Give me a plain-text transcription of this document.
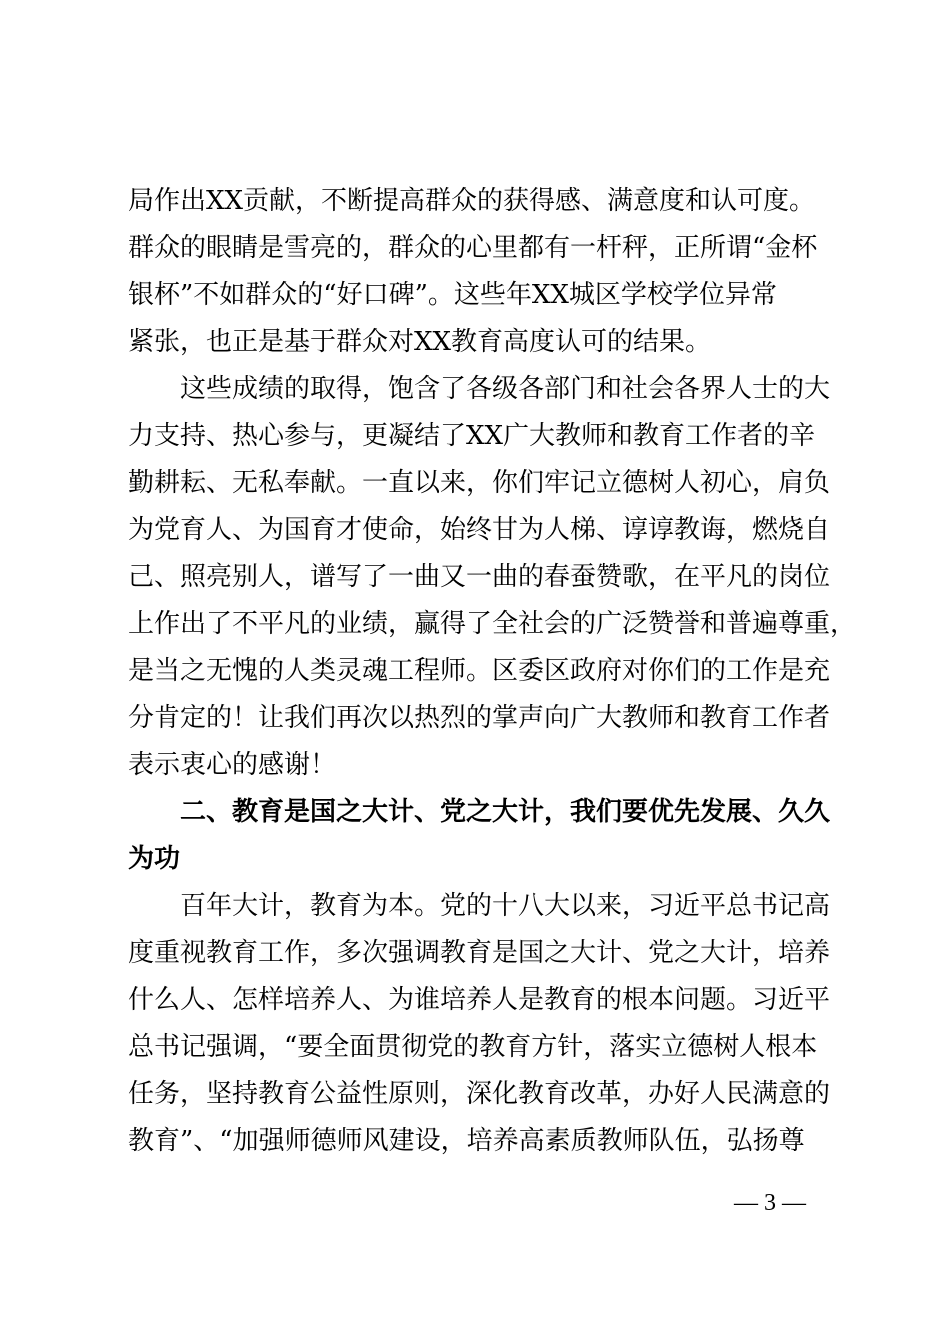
局作出XX贡献，不断提高群众的获得感、满意度和认可度。

群众的眼睛是雪亮的，群众的心里都有一杆秤，正所谓“金杯

银杯”不如群众的“好口碑”。这些年XX城区学校学位异常

紧张，也正是基于群众对XX教育高度认可的结果。

这些成绩的取得，饱含了各级各部门和社会各界人士的大

力支持、热心参与，更凝结了XX广大教师和教育工作者的辛

勤耕耘、无私奉献。一直以来，你们牢记立德树人初心，肩负

为党育人、为国育才使命，始终甘为人梯、谆谆教诲，燃烧自

己、照亮别人，谱写了一曲又一曲的春蚕赞歌，在平凡的岗位

上作出了不平凡的业绩，赢得了全社会的广泛赞誉和普遍尊重，

是当之无愧的人类灵魂工程师。区委区政府对你们的工作是充

分肯定的！让我们再次以热烈的掌声向广大教师和教育工作者

表示衷心的感谢！

二、教育是国之大计、党之大计，我们要优先发展、久久

为功

百年大计，教育为本。党的十八大以来，习近平总书记高

度重视教育工作，多次强调教育是国之大计、党之大计，培养

什么人、怎样培养人、为谁培养人是教育的根本问题。习近平

总书记强调，“要全面贯彻党的教育方针，落实立德树人根本

任务，坚持教育公益性原则，深化教育改革，办好人民满意的

教育”、“加强师德师风建设，培养高素质教师队伍，弘扬尊

— 3 —
